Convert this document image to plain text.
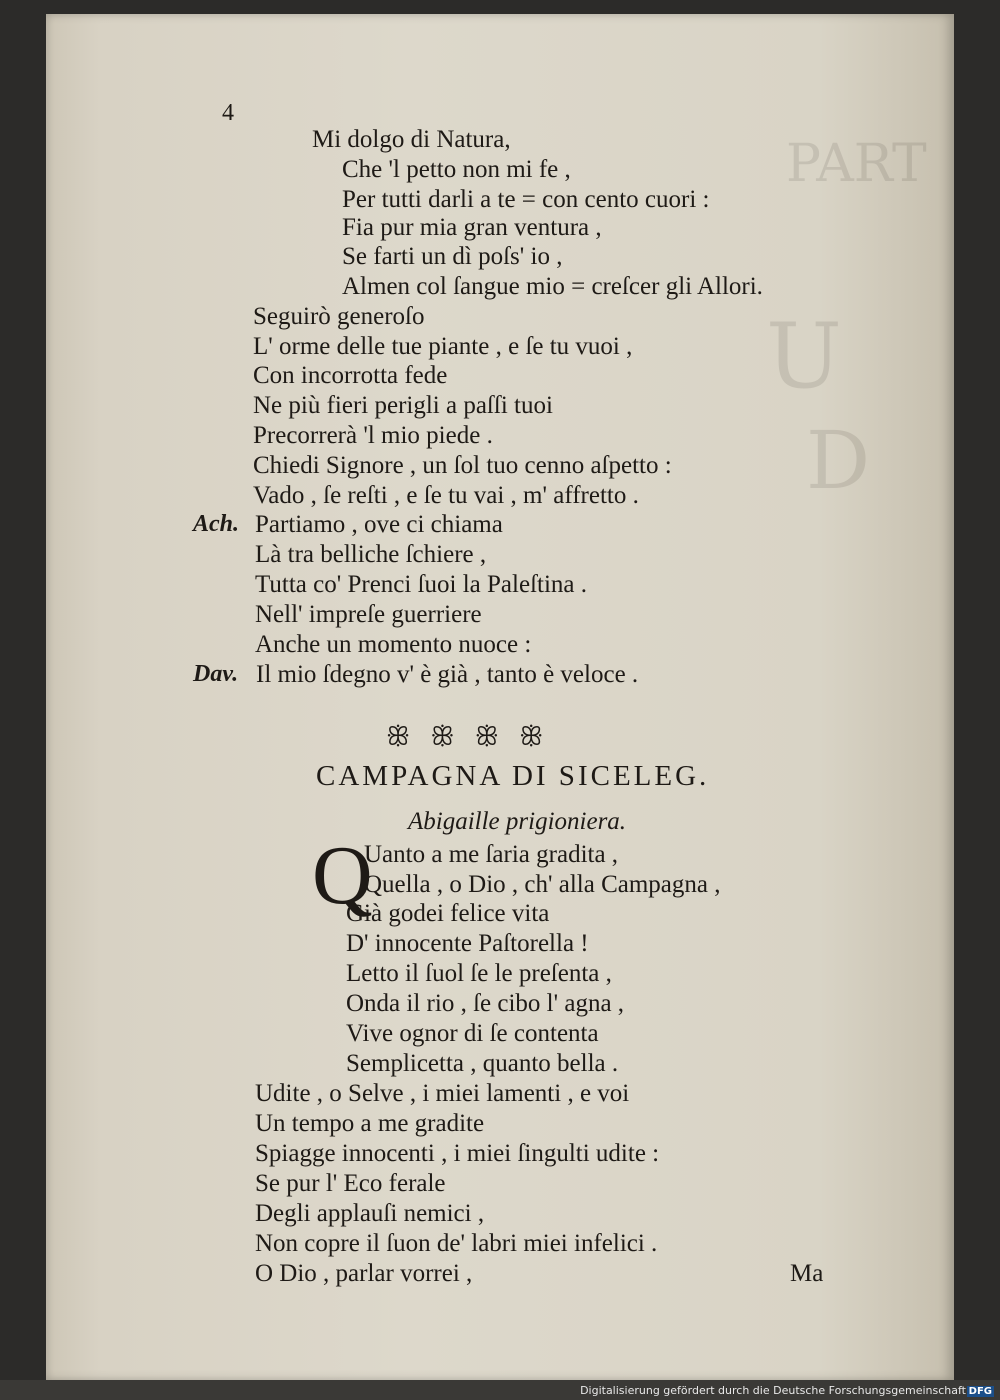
PART
U
D
4
Mi dolgo di Natura,
Che 'l petto non mi fe ,
Per tutti darli a te = con cento cuori :
Fia pur mia gran ventura ,
Se farti un dì poſs' io ,
Almen col ſangue mio = creſcer gli Allori.
Seguirò generoſo
L' orme delle tue piante , e ſe tu vuoi ,
Con incorrotta fede
Ne più fieri perigli a paſſi tuoi
Precorrerà 'l mio piede .
Chiedi Signore , un ſol tuo cenno aſpetto :
Vado , ſe reſti , e ſe tu vai , m' affretto .
Ach. Partiamo , ove ci chiama
Là tra belliche ſchiere ,
Tutta co' Prenci ſuoi la Paleſtina .
Nell' impreſe guerriere
Anche un momento nuoce :
Dav. Il mio ſdegno v' è già , tanto è veloce .
ꕥ ꕥ ꕥ ꕥ
CAMPAGNA DI SICELEG.
Abigaille prigioniera.
Q
Uanto a me ſaria gradita ,
Quella , o Dio , ch' alla Campagna ,
Già godei felice vita
D' innocente Paſtorella !
Letto il ſuol ſe le preſenta ,
Onda il rio , ſe cibo l' agna ,
Vive ognor di ſe contenta
Semplicetta , quanto bella .
Udite , o Selve , i miei lamenti , e voi
Un tempo a me gradite
Spiagge innocenti , i miei ſingulti udite :
Se pur l' Eco ferale
Degli applauſi nemici ,
Non copre il ſuon de' labri miei infelici .
O Dio , parlar vorrei ,	Ma
Digitalisierung gefördert durch die Deutsche Forschungsgemeinschaft DFG
